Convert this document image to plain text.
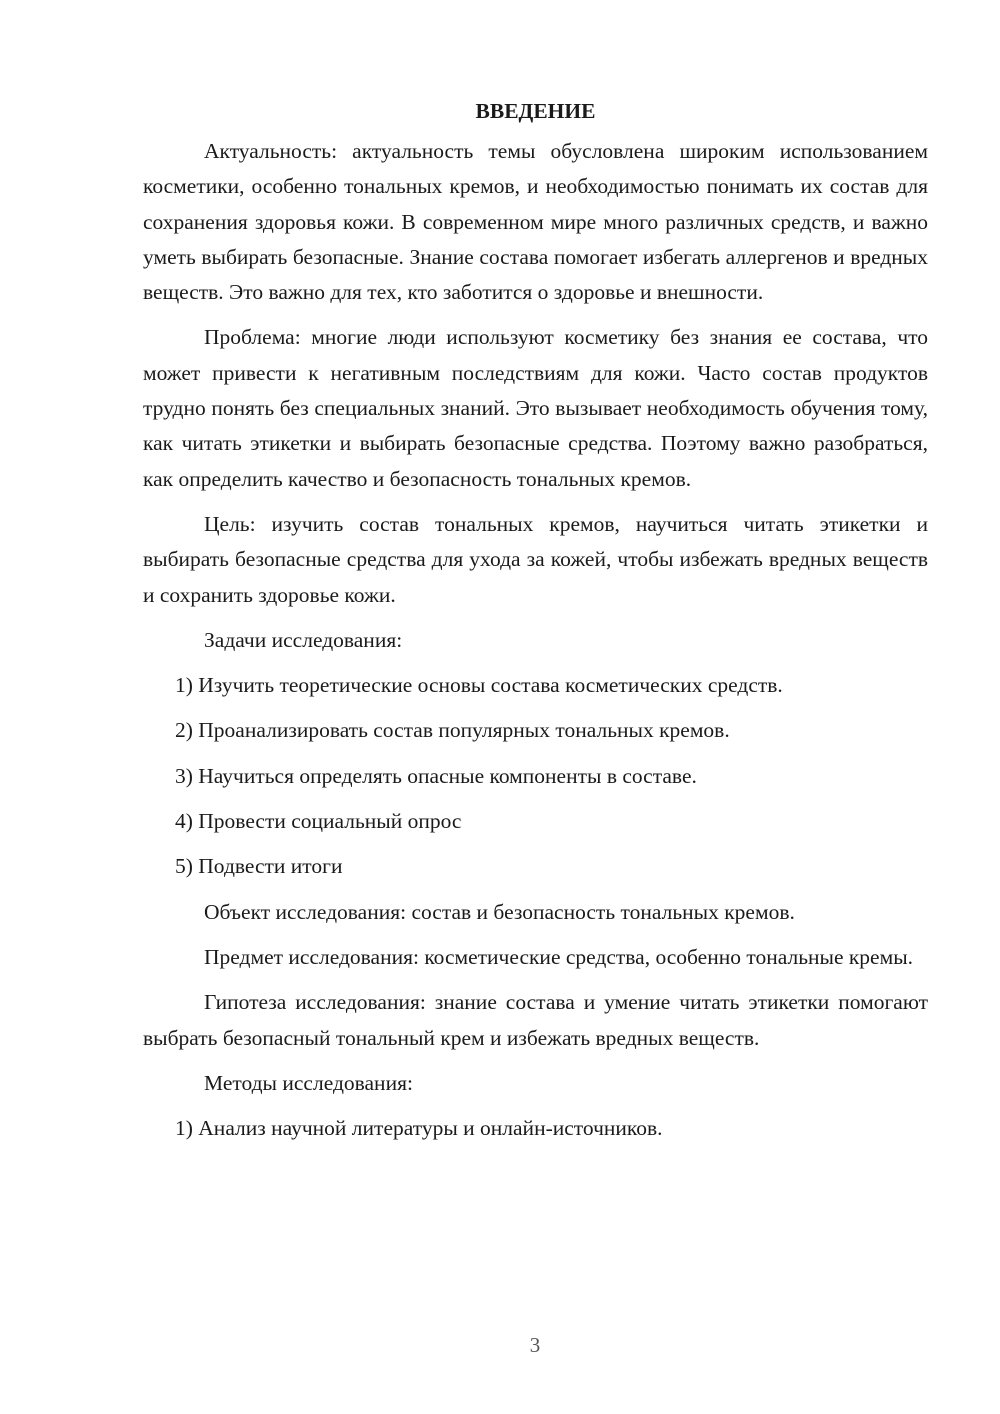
ВВЕДЕНИЕ

Актуальность: актуальность темы обусловлена широким использованием косметики, особенно тональных кремов, и необходимостью понимать их состав для сохранения здоровья кожи. В современном мире много различных средств, и важно уметь выбирать безопасные. Знание состава помогает избегать аллергенов и вредных веществ. Это важно для тех, кто заботится о здоровье и внешности.

Проблема: многие люди используют косметику без знания ее состава, что может привести к негативным последствиям для кожи. Часто состав продуктов трудно понять без специальных знаний. Это вызывает необходимость обучения тому, как читать этикетки и выбирать безопасные средства. Поэтому важно разобраться, как определить качество и безопасность тональных кремов.

Цель: изучить состав тональных кремов, научиться читать этикетки и выбирать безопасные средства для ухода за кожей, чтобы избежать вредных веществ и сохранить здоровье кожи.

Задачи исследования:

1) Изучить теоретические основы состава косметических средств.

2) Проанализировать состав популярных тональных кремов.

3) Научиться определять опасные компоненты в составе.

4) Провести социальный опрос

5) Подвести итоги

Объект исследования: состав и безопасность тональных кремов.

Предмет исследования: косметические средства, особенно тональные кремы.

Гипотеза исследования: знание состава и умение читать этикетки помогают выбрать безопасный тональный крем и избежать вредных веществ.

Методы исследования:

1) Анализ научной литературы и онлайн-источников.

3
